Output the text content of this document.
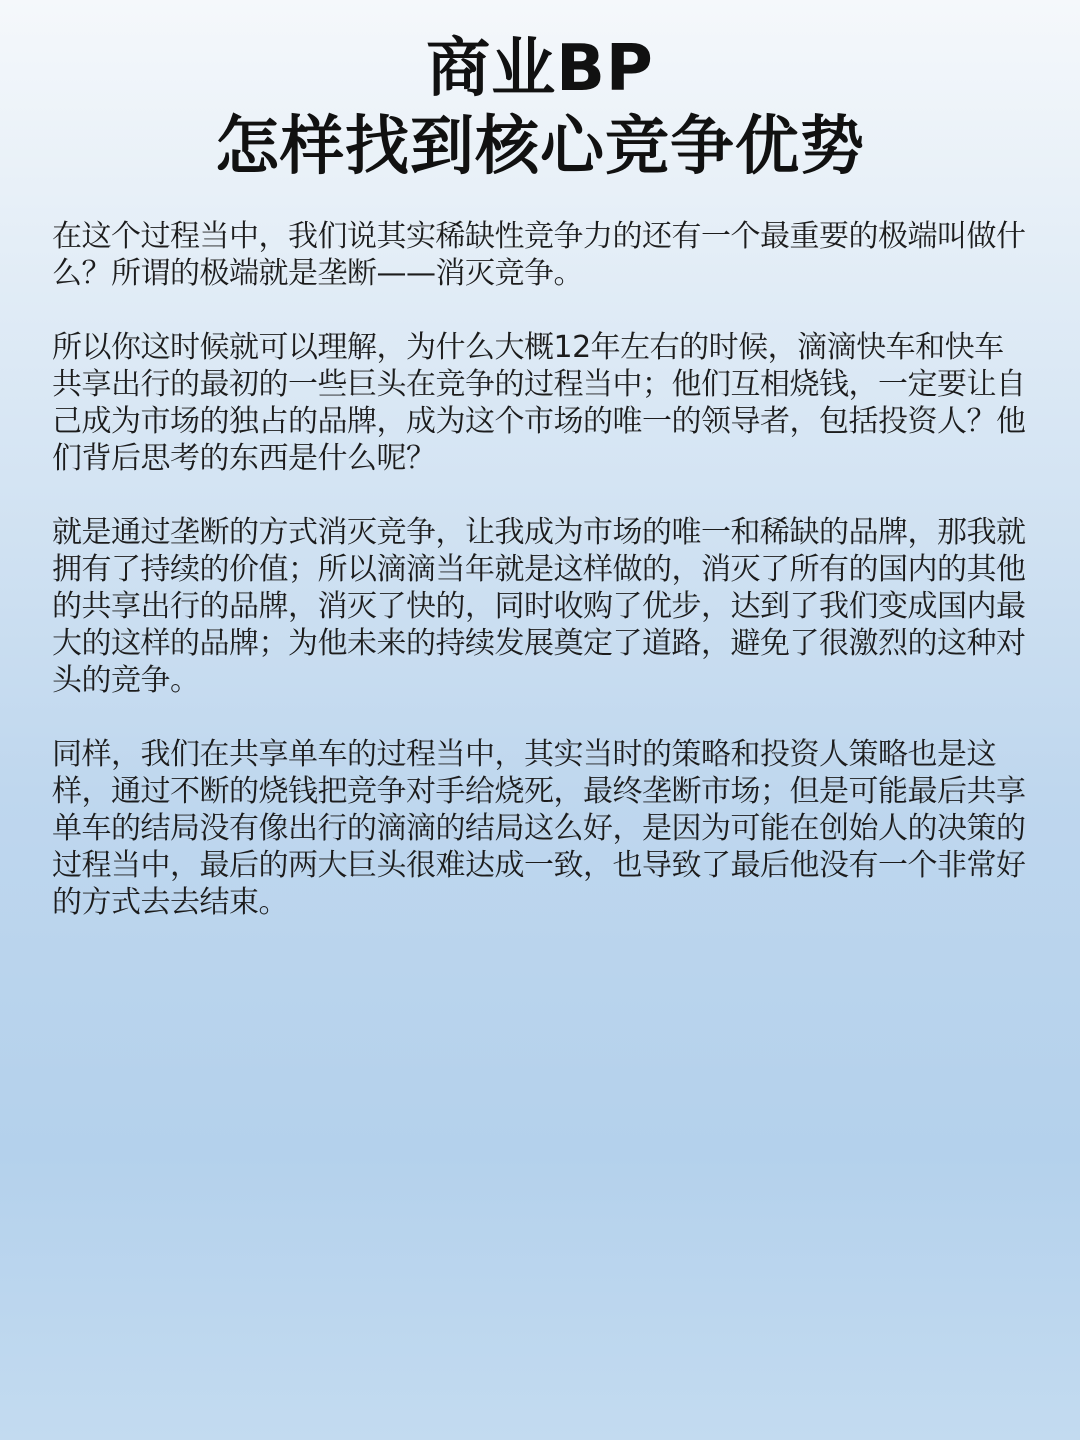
商业BP
怎样找到核心竞争优势

在这个过程当中，我们说其实稀缺性竞争力的还有一个最重要的极端叫做什么？所谓的极端就是垄断——消灭竞争。

所以你这时候就可以理解，为什么大概12年左右的时候，滴滴快车和快车共享出行的最初的一些巨头在竞争的过程当中；他们互相烧钱，一定要让自己成为市场的独占的品牌，成为这个市场的唯一的领导者，包括投资人？他们背后思考的东西是什么呢？

就是通过垄断的方式消灭竞争，让我成为市场的唯一和稀缺的品牌，那我就拥有了持续的价值；所以滴滴当年就是这样做的，消灭了所有的国内的其他的共享出行的品牌，消灭了快的，同时收购了优步，达到了我们变成国内最大的这样的品牌；为他未来的持续发展奠定了道路，避免了很激烈的这种对头的竞争。

同样，我们在共享单车的过程当中，其实当时的策略和投资人策略也是这样，通过不断的烧钱把竞争对手给烧死，最终垄断市场；但是可能最后共享单车的结局没有像出行的滴滴的结局这么好，是因为可能在创始人的决策的过程当中，最后的两大巨头很难达成一致，也导致了最后他没有一个非常好的方式去去结束。
